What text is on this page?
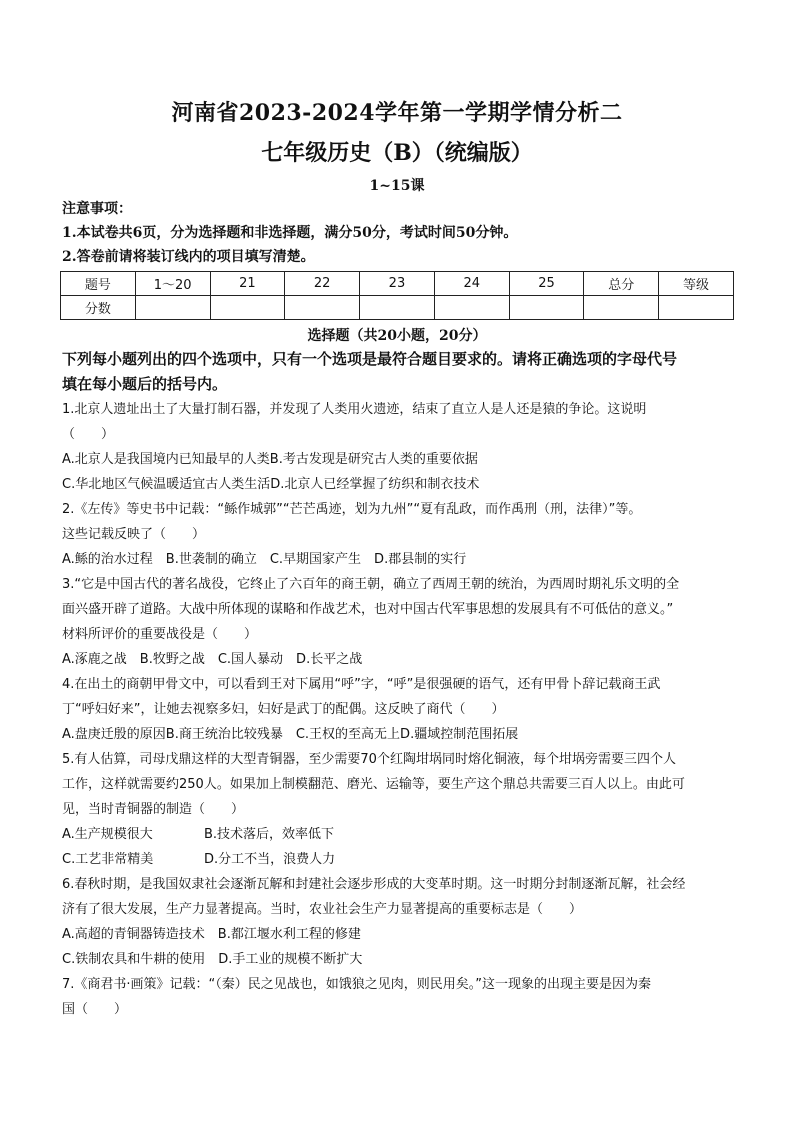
河南省2023-2024学年第一学期学情分析二
七年级历史（B）（统编版）
1~15课
注意事项：
1.本试卷共6页，分为选择题和非选择题，满分50分，考试时间50分钟。
2.答卷前请将装订线内的项目填写清楚。
题号	1～20	21	22	23	24	25	总分	等级
分数								
选择题（共20小题，20分）
下列每小题列出的四个选项中，只有一个选项是最符合题目要求的。请将正确选项的字母代号
填在每小题后的括号内。
1.北京人遗址出土了大量打制石器，并发现了人类用火遗迹，结束了直立人是人还是猿的争论。这说明
（　　）
A.北京人是我国境内已知最早的人类B.考古发现是研究古人类的重要依据
C.华北地区气候温暖适宜古人类生活D.北京人已经掌握了纺织和制衣技术
2.《左传》等史书中记载：“鲧作城郭”“芒芒禹迹，划为九州”“夏有乱政，而作禹刑（刑，法律）”等。
这些记载反映了（　　）
A.鲧的治水过程　B.世袭制的确立　C.早期国家产生　D.郡县制的实行
3.“它是中国古代的著名战役，它终止了六百年的商王朝，确立了西周王朝的统治，为西周时期礼乐文明的全
面兴盛开辟了道路。大战中所体现的谋略和作战艺术，也对中国古代军事思想的发展具有不可低估的意义。”
材料所评价的重要战役是（　　）
A.涿鹿之战　B.牧野之战　C.国人暴动　D.长平之战
4.在出土的商朝甲骨文中，可以看到王对下属用“呼”字，“呼”是很强硬的语气，还有甲骨卜辞记载商王武
丁“呼妇好来”，让她去视察多妇，妇好是武丁的配偶。这反映了商代（　　）
A.盘庚迁殷的原因B.商王统治比较残暴　C.王权的至高无上D.疆域控制范围拓展
5.有人估算，司母戊鼎这样的大型青铜器，至少需要70个红陶坩埚同时熔化铜液，每个坩埚旁需要三四个人
工作，这样就需要约250人。如果加上制模翻范、磨光、运输等，要生产这个鼎总共需要三百人以上。由此可
见，当时青铜器的制造（　　）
A.生产规模很大	B.技术落后，效率低下
C.工艺非常精美	D.分工不当，浪费人力
6.春秋时期，是我国奴隶社会逐渐瓦解和封建社会逐步形成的大变革时期。这一时期分封制逐渐瓦解，社会经
济有了很大发展，生产力显著提高。当时，农业社会生产力显著提高的重要标志是（　　）
A.高超的青铜器铸造技术　B.都江堰水利工程的修建
C.铁制农具和牛耕的使用　D.手工业的规模不断扩大
7.《商君书·画策》记载：“（秦）民之见战也，如饿狼之见肉，则民用矣。”这一现象的出现主要是因为秦
国（　　）
